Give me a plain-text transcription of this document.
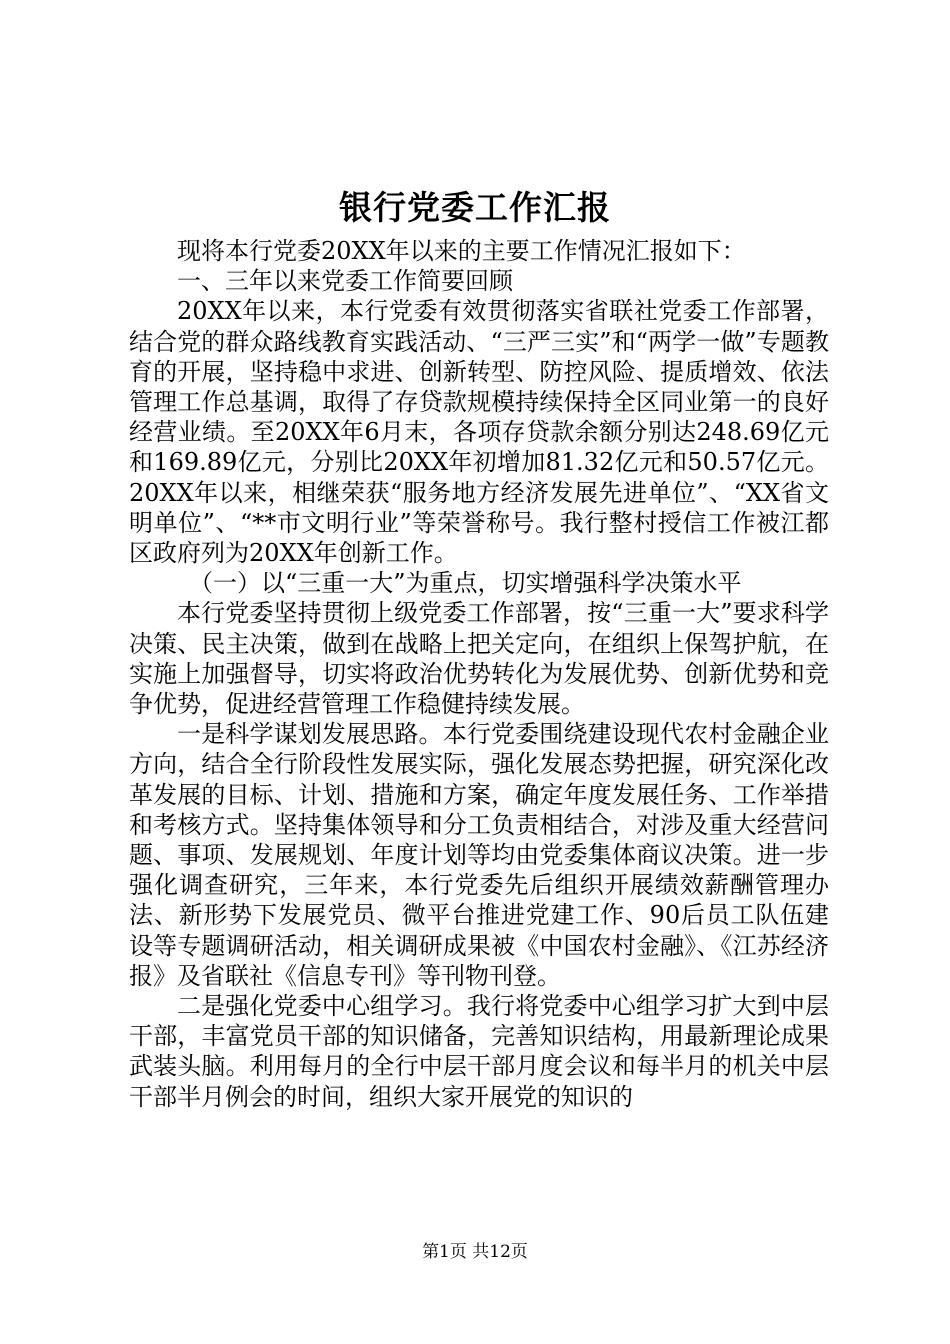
银行党委工作汇报

现将本行党委20XX年以来的主要工作情况汇报如下：

一、三年以来党委工作简要回顾

20XX年以来，本行党委有效贯彻落实省联社党委工作部署，结合党的群众路线教育实践活动、“三严三实”和“两学一做”专题教育的开展，坚持稳中求进、创新转型、防控风险、提质增效、依法管理工作总基调，取得了存贷款规模持续保持全区同业第一的良好经营业绩。至20XX年6月末，各项存贷款余额分别达248.69亿元和169.89亿元，分别比20XX年初增加81.32亿元和50.57亿元。20XX年以来，相继荣获“服务地方经济发展先进单位”、“XX省文明单位”、“**市文明行业”等荣誉称号。我行整村授信工作被江都区政府列为20XX年创新工作。

（一）以“三重一大”为重点，切实增强科学决策水平

本行党委坚持贯彻上级党委工作部署，按“三重一大”要求科学决策、民主决策，做到在战略上把关定向，在组织上保驾护航，在实施上加强督导，切实将政治优势转化为发展优势、创新优势和竞争优势，促进经营管理工作稳健持续发展。

一是科学谋划发展思路。本行党委围绕建设现代农村金融企业方向，结合全行阶段性发展实际，强化发展态势把握，研究深化改革发展的目标、计划、措施和方案，确定年度发展任务、工作举措和考核方式。坚持集体领导和分工负责相结合，对涉及重大经营问题、事项、发展规划、年度计划等均由党委集体商议决策。进一步强化调查研究，三年来，本行党委先后组织开展绩效薪酬管理办法、新形势下发展党员、微平台推进党建工作、90后员工队伍建设等专题调研活动，相关调研成果被《中国农村金融》、《江苏经济报》及省联社《信息专刊》等刊物刊登。

二是强化党委中心组学习。我行将党委中心组学习扩大到中层干部，丰富党员干部的知识储备，完善知识结构，用最新理论成果武装头脑。利用每月的全行中层干部月度会议和每半月的机关中层干部半月例会的时间，组织大家开展党的知识的

第1页 共12页
